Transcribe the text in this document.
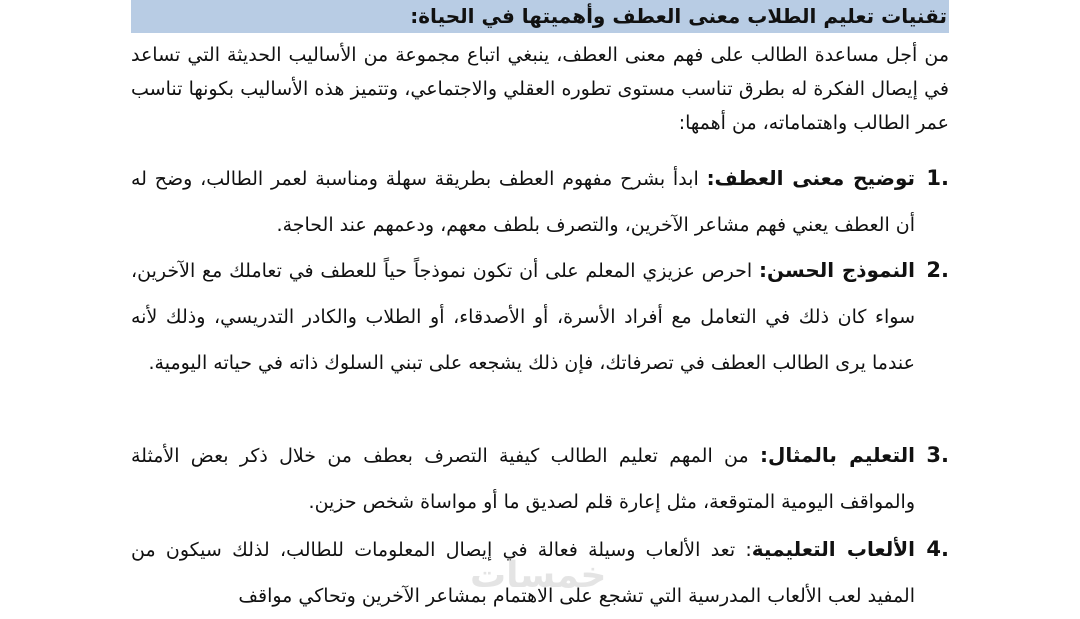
تقنيات تعليم الطلاب معنى العطف وأهميتها في الحياة:
من أجل مساعدة الطالب على فهم معنى العطف، ينبغي اتباع مجموعة من الأساليب الحديثة التي تساعد في إيصال الفكرة له بطرق تناسب مستوى تطوره العقلي والاجتماعي، وتتميز هذه الأساليب بكونها تناسب عمر الطالب واهتماماته، من أهمها:
1.
توضيح معنى العطف: ابدأ بشرح مفهوم العطف بطريقة سهلة ومناسبة لعمر الطالب، وضح له أن العطف يعني فهم مشاعر الآخرين، والتصرف بلطف معهم، ودعمهم عند الحاجة.
2.
النموذج الحسن: احرص عزيزي المعلم على أن تكون نموذجاً حياً للعطف في تعاملك مع الآخرين، سواء كان ذلك في التعامل مع أفراد الأسرة، أو الأصدقاء، أو الطلاب والكادر التدريسي، وذلك لأنه عندما يرى الطالب العطف في تصرفاتك، فإن ذلك يشجعه على تبني السلوك ذاته في حياته اليومية.
3.
التعليم بالمثال: من المهم تعليم الطالب كيفية التصرف بعطف من خلال ذكر بعض الأمثلة والمواقف اليومية المتوقعة، مثل إعارة قلم لصديق ما أو مواساة شخص حزين.
4.
الألعاب التعليمية: تعد الألعاب وسيلة فعالة في إيصال المعلومات للطالب، لذلك سيكون من المفيد لعب الألعاب المدرسية التي تشجع على الاهتمام بمشاعر الآخرين وتحاكي مواقف
خمسات
